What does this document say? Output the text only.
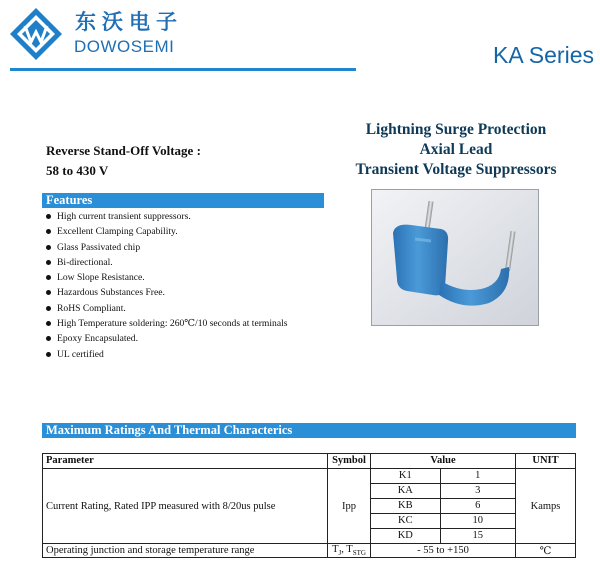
东沃电子
DOWOSEMI	KA Series
Reverse Stand-Off Voltage :
58 to 430 V
Features
High current transient suppressors.
Excellent Clamping Capability.
Glass Passivated chip
Bi-directional.
Low Slope Resistance.
Hazardous Substances Free.
RoHS Compliant.
High Temperature soldering: 260℃/10 seconds at terminals
Epoxy Encapsulated.
UL certified
Lightning Surge Protection
Axial Lead
Transient Voltage Suppressors
Maximum Ratings And Thermal Characterics
Parameter	Symbol	Value	UNIT
Current Rating, Rated IPP measured with 8/20us pulse	Ipp	
K1	1
KA	3
KB	6
KC	10
KD	15
	Kamps
Operating junction and storage temperature range	$T_J$, $T_{STG}$	- 55 to +150	℃
